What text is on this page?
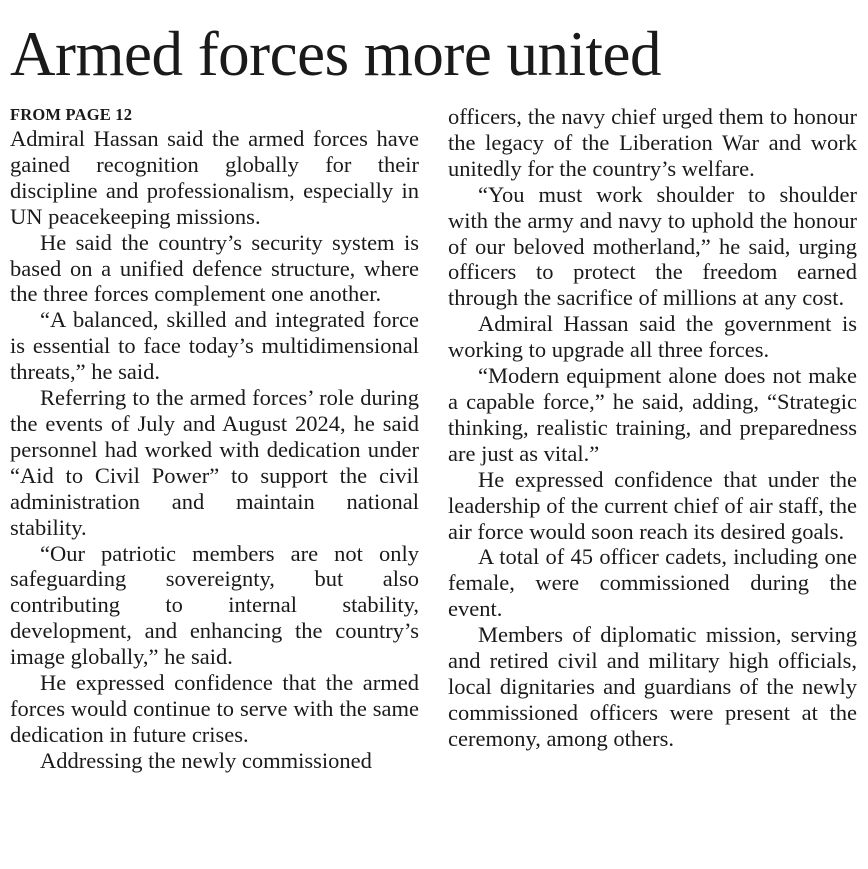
Armed forces more united
FROM PAGE 12

Admiral Hassan said the armed forces have gained recognition globally for their discipline and professionalism, especially in UN peacekeeping missions.

He said the country’s security system is based on a unified defence structure, where the three forces complement one another.

“A balanced, skilled and integrated force is essential to face today’s multidimensional threats,” he said.

Referring to the armed forces’ role during the events of July and August 2024, he said personnel had worked with dedication under “Aid to Civil Power” to support the civil administration and maintain national stability.

“Our patriotic members are not only safeguarding sovereignty, but also contributing to internal stability, development, and enhancing the country’s image globally,” he said.

He expressed confidence that the armed forces would continue to serve with the same dedication in future crises.

Addressing the newly commissioned

officers, the navy chief urged them to honour the legacy of the Liberation War and work unitedly for the country’s welfare.

“You must work shoulder to shoulder with the army and navy to uphold the honour of our beloved motherland,” he said, urging officers to protect the freedom earned through the sacrifice of millions at any cost.

Admiral Hassan said the government is working to upgrade all three forces.

“Modern equipment alone does not make a capable force,” he said, adding, “Strategic thinking, realistic training, and preparedness are just as vital.”

He expressed confidence that under the leadership of the current chief of air staff, the air force would soon reach its desired goals.

A total of 45 officer cadets, including one female, were commissioned during the event.

Members of diplomatic mission, serving and retired civil and military high officials, local dignitaries and guardians of the newly commissioned officers were present at the ceremony, among others.
